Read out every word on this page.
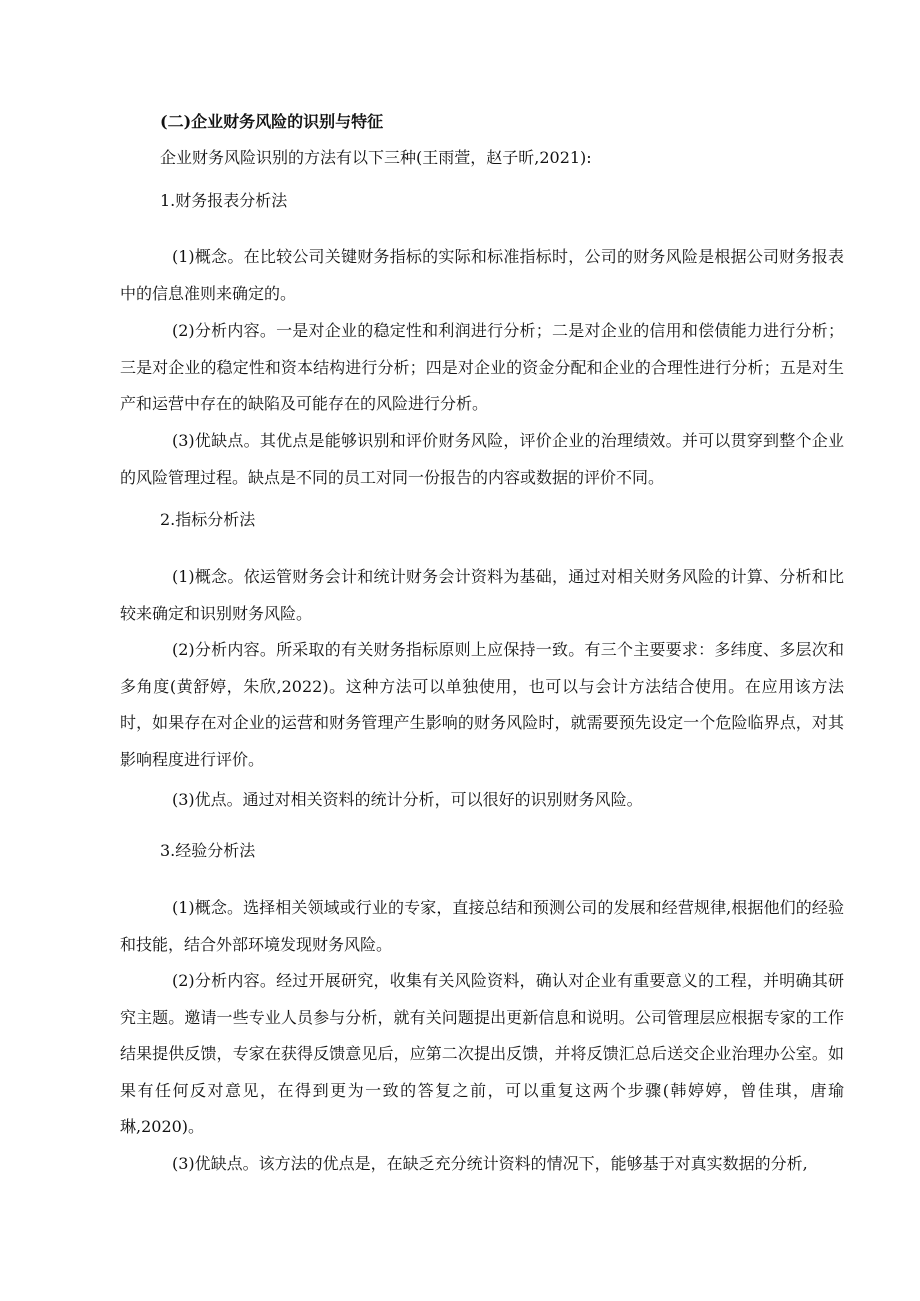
(二)企业财务风险的识别与特征
企业财务风险识别的方法有以下三种(王雨萱，赵子昕,2021):
1.财务报表分析法
(1)概念。在比较公司关键财务指标的实际和标准指标时，公司的财务风险是根据公司财务报表中的信息准则来确定的。
(2)分析内容。一是对企业的稳定性和利润进行分析；二是对企业的信用和偿债能力进行分析；三是对企业的稳定性和资本结构进行分析；四是对企业的资金分配和企业的合理性进行分析；五是对生产和运营中存在的缺陷及可能存在的风险进行分析。
(3)优缺点。其优点是能够识别和评价财务风险，评价企业的治理绩效。并可以贯穿到整个企业的风险管理过程。缺点是不同的员工对同一份报告的内容或数据的评价不同。
2.指标分析法
(1)概念。依运管财务会计和统计财务会计资料为基础，通过对相关财务风险的计算、分析和比较来确定和识别财务风险。
(2)分析内容。所采取的有关财务指标原则上应保持一致。有三个主要要求：多纬度、多层次和多角度(黄舒婷，朱欣,2022)。这种方法可以单独使用，也可以与会计方法结合使用。在应用该方法时，如果存在对企业的运营和财务管理产生影响的财务风险时，就需要预先设定一个危险临界点，对其影响程度进行评价。
(3)优点。通过对相关资料的统计分析，可以很好的识别财务风险。
3.经验分析法
(1)概念。选择相关领域或行业的专家，直接总结和预测公司的发展和经营规律,根据他们的经验和技能，结合外部环境发现财务风险。
(2)分析内容。经过开展研究，收集有关风险资料，确认对企业有重要意义的工程，并明确其研究主题。邀请一些专业人员参与分析，就有关问题提出更新信息和说明。公司管理层应根据专家的工作结果提供反馈，专家在获得反馈意见后，应第二次提出反馈，并将反馈汇总后送交企业治理办公室。如果有任何反对意见，在得到更为一致的答复之前，可以重复这两个步骤(韩婷婷，曾佳琪，唐瑜琳,2020)。
(3)优缺点。该方法的优点是，在缺乏充分统计资料的情况下，能够基于对真实数据的分析,
